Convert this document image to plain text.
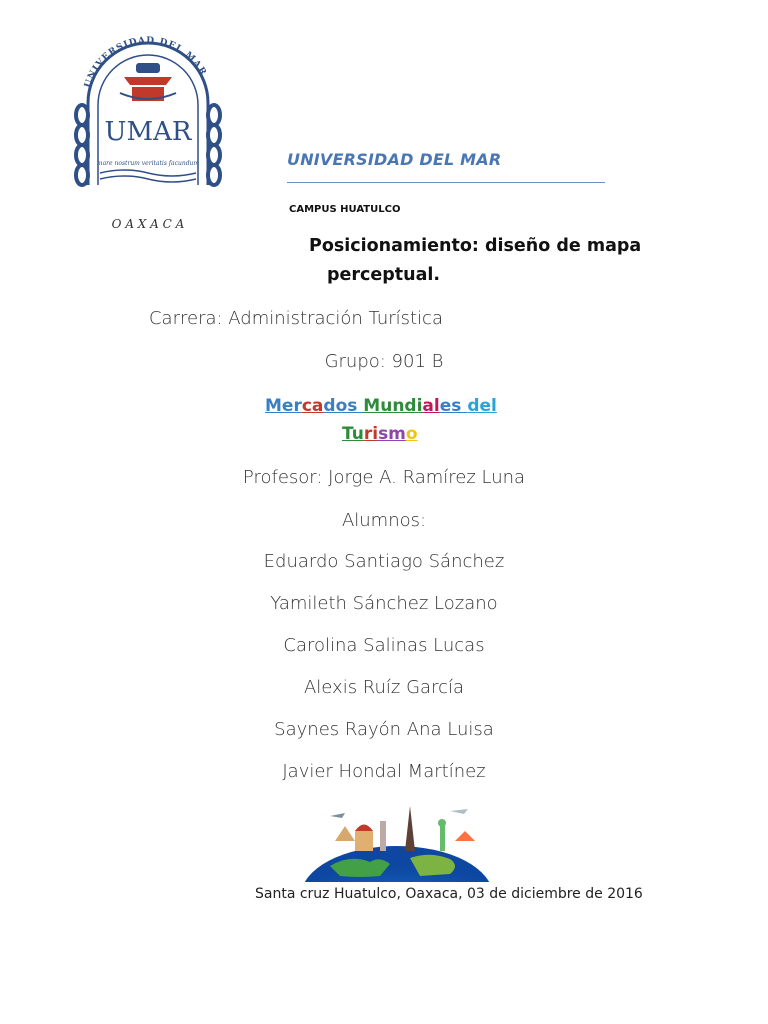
UNIVERSIDAD DEL MAR
UMAR
mare nostrum veritatis facundum
O A X A C A
UNIVERSIDAD DEL MAR
CAMPUS HUATULCO
Posicionamiento: diseño de mapa
perceptual.
Carrera: Administración Turística
Grupo: 901 B
Mercados Mundiales del
Turismo
Profesor: Jorge A. Ramírez Luna
Alumnos:
Eduardo Santiago Sánchez
Yamileth Sánchez Lozano
Carolina Salinas Lucas
Alexis Ruíz García
Saynes Rayón Ana Luisa
Javier Hondal Martínez
Santa cruz Huatulco, Oaxaca, 03 de diciembre de 2016
